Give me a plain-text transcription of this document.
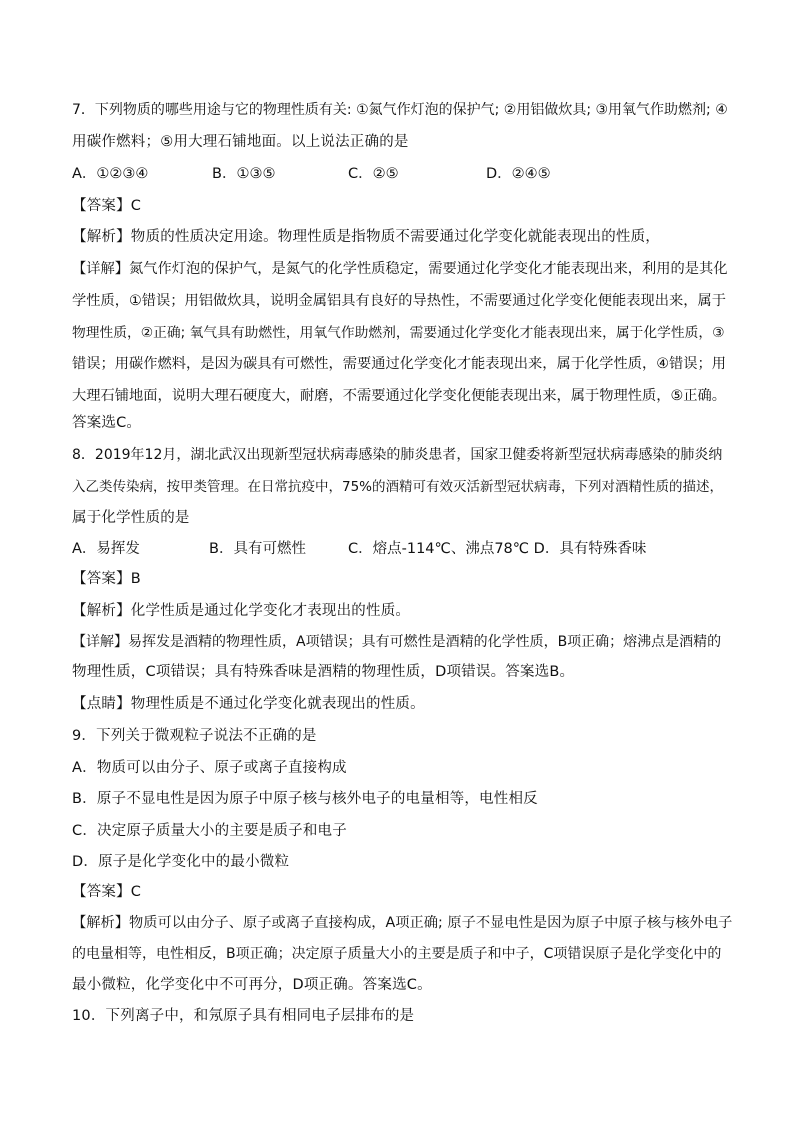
7．下列物质的哪些用途与它的物理性质有关: ①氮气作灯泡的保护气; ②用铝做炊具; ③用氧气作助燃剂; ④
用碳作燃料；⑤用大理石铺地面。以上说法正确的是
A．①②③④	B．①③⑤	C．②⑤	D．②④⑤
【答案】C
【解析】物质的性质决定用途。物理性质是指物质不需要通过化学变化就能表现出的性质，
【详解】氮气作灯泡的保护气，是氮气的化学性质稳定，需要通过化学变化才能表现出来，利用的是其化
学性质，①错误；用铝做炊具，说明金属铝具有良好的导热性，不需要通过化学变化便能表现出来，属于
物理性质，②正确; 氧气具有助燃性，用氧气作助燃剂，需要通过化学变化才能表现出来，属于化学性质，③
错误；用碳作燃料，是因为碳具有可燃性，需要通过化学变化才能表现出来，属于化学性质，④错误；用
大理石铺地面，说明大理石硬度大，耐磨，不需要通过化学变化便能表现出来，属于物理性质，⑤正确。
答案选C。
8．2019年12月，湖北武汉出现新型冠状病毒感染的肺炎患者，国家卫健委将新型冠状病毒感染的肺炎纳
入乙类传染病，按甲类管理。在日常抗疫中，75%的酒精可有效灭活新型冠状病毒，下列对酒精性质的描述，
属于化学性质的是
A．易挥发	B．具有可燃性	C．熔点-114℃、沸点78℃ D．具有特殊香味
【答案】B
【解析】化学性质是通过化学变化才表现出的性质。
【详解】易挥发是酒精的物理性质，A项错误；具有可燃性是酒精的化学性质，B项正确；熔沸点是酒精的
物理性质，C项错误；具有特殊香味是酒精的物理性质，D项错误。答案选B。
【点睛】物理性质是不通过化学变化就表现出的性质。
9．下列关于微观粒子说法不正确的是
A．物质可以由分子、原子或离子直接构成
B．原子不显电性是因为原子中原子核与核外电子的电量相等，电性相反
C．决定原子质量大小的主要是质子和电子
D．原子是化学变化中的最小微粒
【答案】C
【解析】物质可以由分子、原子或离子直接构成，A项正确; 原子不显电性是因为原子中原子核与核外电子
的电量相等，电性相反，B项正确；决定原子质量大小的主要是质子和中子，C项错误原子是化学变化中的
最小微粒，化学变化中不可再分，D项正确。答案选C。
10．下列离子中，和氖原子具有相同电子层排布的是
